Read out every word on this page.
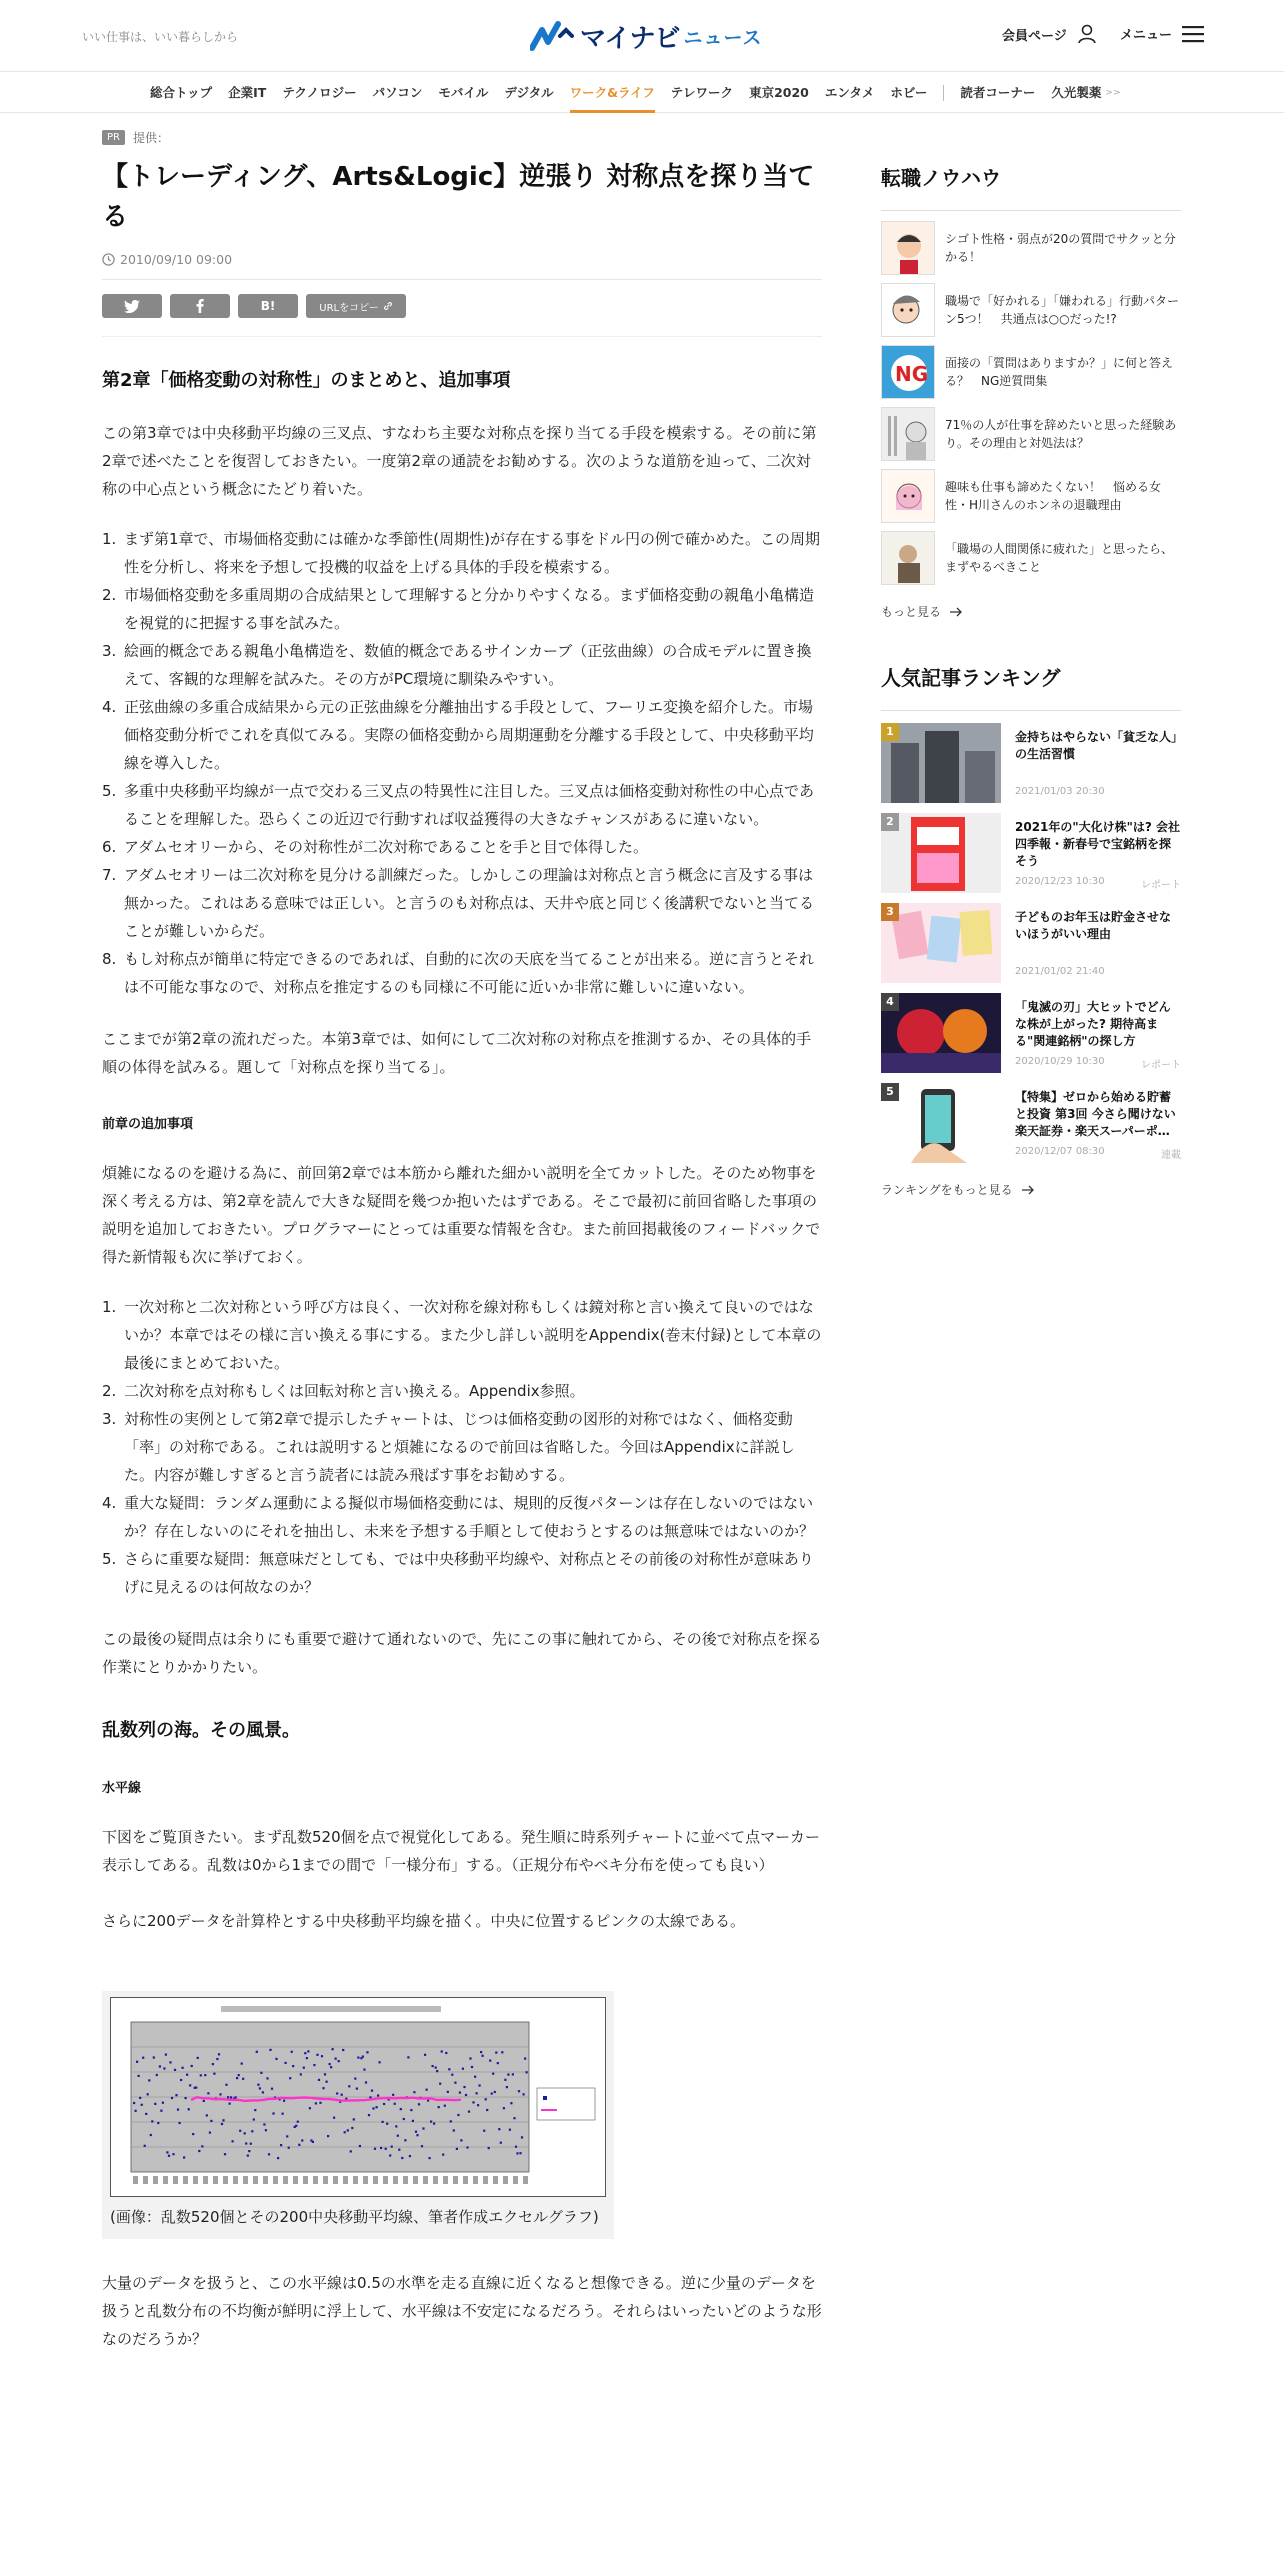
いい仕事は、いい暮らしから	マイナビ ニュース	会員ページ	メニュー
総合トップ 企業IT テクノロジー パソコン モバイル デジタル ワーク&ライフ テレワーク 東京2020 エンタメ ホビー	読者コーナー 久光製薬 >>
PR	提供：
【トレーディング、Arts&Logic】逆張り 対称点を探り当てる
2010/09/10 09:00
B!	URLをコピー
第2章「価格変動の対称性」のまとめと、追加事項

この第3章では中央移動平均線の三叉点、すなわち主要な対称点を探り当てる手段を模索する。その前に第2章で述べたことを復習しておきたい。一度第2章の通読をお勧めする。次のような道筋を辿って、二次対称の中心点という概念にたどり着いた。

1. まず第1章で、市場価格変動には確かな季節性(周期性)が存在する事をドル円の例で確かめた。この周期性を分析し、将来を予想して投機的収益を上げる具体的手段を模索する。
2. 市場価格変動を多重周期の合成結果として理解すると分かりやすくなる。まず価格変動の親亀小亀構造を視覚的に把握する事を試みた。
3. 絵画的概念である親亀小亀構造を、数値的概念であるサインカーブ（正弦曲線）の合成モデルに置き換えて、客観的な理解を試みた。その方がPC環境に馴染みやすい。
4. 正弦曲線の多重合成結果から元の正弦曲線を分離抽出する手段として、フーリエ変換を紹介した。市場価格変動分析でこれを真似てみる。実際の価格変動から周期運動を分離する手段として、中央移動平均線を導入した。
5. 多重中央移動平均線が一点で交わる三叉点の特異性に注目した。三叉点は価格変動対称性の中心点であることを理解した。恐らくこの近辺で行動すれば収益獲得の大きなチャンスがあるに違いない。
6. アダムセオリーから、その対称性が二次対称であることを手と目で体得した。
7. アダムセオリーは二次対称を見分ける訓練だった。しかしこの理論は対称点と言う概念に言及する事は無かった。これはある意味では正しい。と言うのも対称点は、天井や底と同じく後講釈でないと当てることが難しいからだ。
8. もし対称点が簡単に特定できるのであれば、自動的に次の天底を当てることが出来る。逆に言うとそれは不可能な事なので、対称点を推定するのも同様に不可能に近いか非常に難しいに違いない。

ここまでが第2章の流れだった。本第3章では、如何にして二次対称の対称点を推測するか、その具体的手順の体得を試みる。題して「対称点を探り当てる」。

前章の追加事項

煩雑になるのを避ける為に、前回第2章では本筋から離れた細かい説明を全てカットした。そのため物事を深く考える方は、第2章を読んで大きな疑問を幾つか抱いたはずである。そこで最初に前回省略した事項の説明を追加しておきたい。プログラマーにとっては重要な情報を含む。また前回掲載後のフィードバックで得た新情報も次に挙げておく。

1. 一次対称と二次対称という呼び方は良く、一次対称を線対称もしくは鏡対称と言い換えて良いのではないか？本章ではその様に言い換える事にする。また少し詳しい説明をAppendix(巻末付録)として本章の最後にまとめておいた。
2. 二次対称を点対称もしくは回転対称と言い換える。Appendix参照。
3. 対称性の実例として第2章で提示したチャートは、じつは価格変動の図形的対称ではなく、価格変動「率」の対称である。これは説明すると煩雑になるので前回は省略した。今回はAppendixに詳説した。内容が難しすぎると言う読者には読み飛ばす事をお勧めする。
4. 重大な疑問：ランダム運動による擬似市場価格変動には、規則的反復パターンは存在しないのではないか？存在しないのにそれを抽出し、未来を予想する手順として使おうとするのは無意味ではないのか？
5. さらに重要な疑問：無意味だとしても、では中央移動平均線や、対称点とその前後の対称性が意味ありげに見えるのは何故なのか？

この最後の疑問点は余りにも重要で避けて通れないので、先にこの事に触れてから、その後で対称点を探る作業にとりかかりたい。

乱数列の海。その風景。
水平線

下図をご覧頂きたい。まず乱数520個を点で視覚化してある。発生順に時系列チャートに並べて点マーカー表示してある。乱数は0から1までの間で「一様分布」する。（正規分布やベキ分布を使っても良い）

さらに200データを計算枠とする中央移動平均線を描く。中央に位置するピンクの太線である。

(画像：乱数520個とその200中央移動平均線、筆者作成エクセルグラフ)

大量のデータを扱うと、この水平線は0.5の水準を走る直線に近くなると想像できる。逆に少量のデータを扱うと乱数分布の不均衡が鮮明に浮上して、水平線は不安定になるだろう。それらはいったいどのような形なのだろうか？

転職ノウハウ
シゴト性格・弱点が20の質問でサクッと分かる！
職場で「好かれる」「嫌われる」行動パターン5つ！　共通点は○○だった!?
NG 面接の「質問はありますか？」に何と答える？　NG逆質問集
71％の人が仕事を辞めたいと思った経験あり。その理由と対処法は？
趣味も仕事も諦めたくない！　悩める女性・H川さんのホンネの退職理由
「職場の人間関係に疲れた」と思ったら、まずやるべきこと
もっと見る
人気記事ランキング
1	金持ちはやらない「貧乏な人」の生活習慣
2021/01/03 20:30
2	2021年の"大化け株"は? 会社四季報・新春号で宝銘柄を探そう
2020/12/23 10:30	レポート
3	子どものお年玉は貯金させないほうがいい理由
2021/01/02 21:40
4	「鬼滅の刃」大ヒットでどんな株が上がった? 期待高まる"関連銘柄"の探し方
2020/10/29 10:30	レポート
5	【特集】ゼロから始める貯蓄と投資 第3回 今さら聞けない楽天証券・楽天スーパーポ…
2020/12/07 08:30	連載
ランキングをもっと見る
